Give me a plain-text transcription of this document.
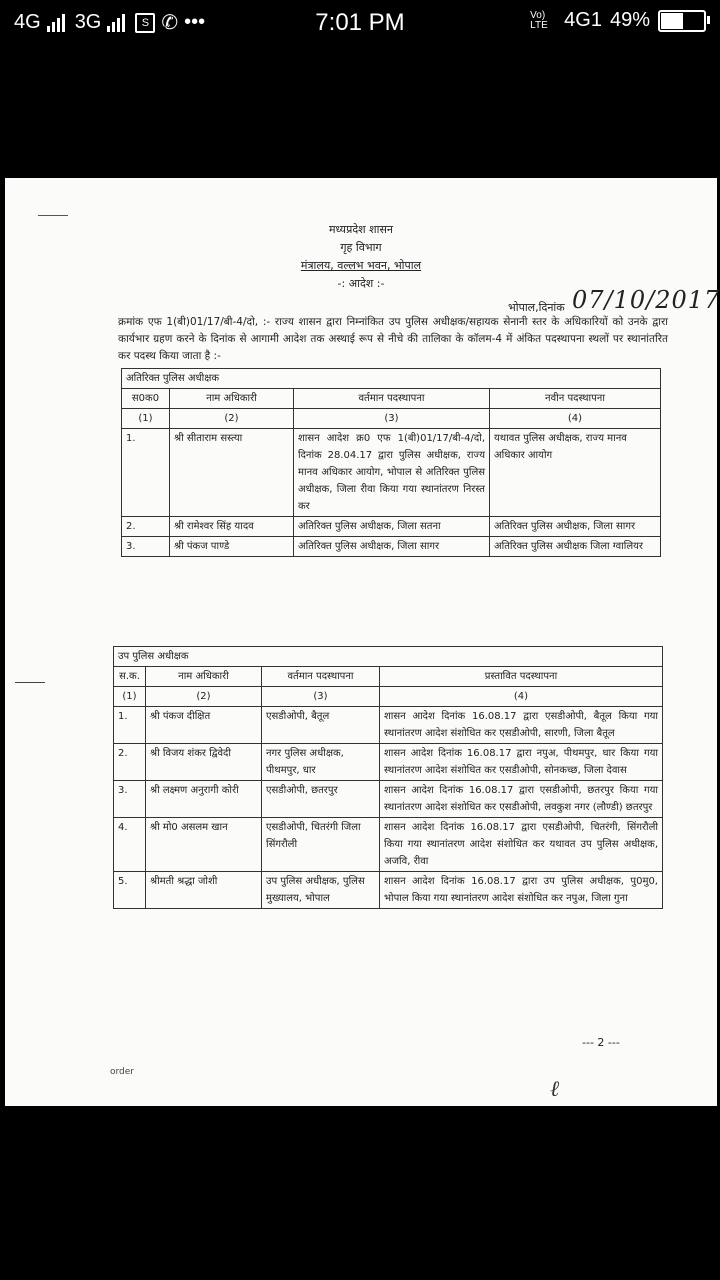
4G 3G	S ✆ •••	7:01 PM	Vo) LTE 4G1 49%
मध्यप्रदेश शासन
गृह विभाग
मंत्रालय, वल्लभ भवन, भोपाल
-: आदेश :-
भोपाल,दिनांक 07/10/2017
क्रमांक एफ 1(बी)01/17/बी-4/दो, :- राज्य शासन द्वारा निम्नांकित उप पुलिस अधीक्षक/सहायक सेनानी स्तर के अधिकारियों को उनके द्वारा कार्यभार ग्रहण करने के दिनांक से आगामी आदेश तक अस्थाई रूप से नीचे की तालिका के कॉलम-4 में अंकित पदस्थापना स्थलों पर स्थानांतरित कर पदस्थ किया जाता है :-
अतिरिक्त पुलिस अधीक्षक			
स0क0	नाम अधिकारी	वर्तमान पदस्थापना	नवीन पदस्थापना
(1)	(2)	(3)	(4)
1.	श्री सीताराम सस्त्या	शासन आदेश क्र0 एफ 1(बी)01/17/बी-4/दो, दिनांक 28.04.17 द्वारा पुलिस अधीक्षक, राज्य मानव अधिकार आयोग, भोपाल से अतिरिक्त पुलिस अधीक्षक, जिला रीवा किया गया स्थानांतरण निरस्त कर	यथावत पुलिस अधीक्षक, राज्य मानव अधिकार आयोग
2.	श्री रामेश्वर सिंह यादव	अतिरिक्त पुलिस अधीक्षक, जिला सतना	अतिरिक्त पुलिस अधीक्षक, जिला सागर
3.	श्री पंकज पाण्डे	अतिरिक्त पुलिस अधीक्षक, जिला सागर	अतिरिक्त पुलिस अधीक्षक जिला ग्वालियर
उप पुलिस अधीक्षक			
स.क.	नाम अधिकारी	वर्तमान पदस्थापना	प्रस्तावित पदस्थापना
(1)	(2)	(3)	(4)
1.	श्री पंकज दीक्षित	एसडीओपी, बैतूल	शासन आदेश दिनांक 16.08.17 द्वारा एसडीओपी, बैतूल किया गया स्थानांतरण आदेश संशोधित कर एसडीओपी, सारणी, जिला बैतूल
2.	श्री विजय शंकर द्विवेदी	नगर पुलिस अधीक्षक, पीथमपुर, धार	शासन आदेश दिनांक 16.08.17 द्वारा नपुअ, पीथमपुर, धार किया गया स्थानांतरण आदेश संशोधित कर एसडीओपी, सोनकच्छ, जिला देवास
3.	श्री लक्ष्मण अनुरागी कोरी	एसडीओपी, छतरपुर	शासन आदेश दिनांक 16.08.17 द्वारा एसडीओपी, छतरपुर किया गया स्थानांतरण आदेश संशोधित कर एसडीओपी, लवकुश नगर (लौण्डी) छतरपुर
4.	श्री मो0 असलम खान	एसडीओपी, चितरंगी जिला सिंगरौली	शासन आदेश दिनांक 16.08.17 द्वारा एसडीओपी, चितरंगी, सिंगरौली किया गया स्थानांतरण आदेश संशोधित कर यथावत उप पुलिस अधीक्षक, अजवि, रीवा
5.	श्रीमती श्रद्धा जोशी	उप पुलिस अधीक्षक, पुलिस मुख्यालय, भोपाल	शासन आदेश दिनांक 16.08.17 द्वारा उप पुलिस अधीक्षक, पु0मु0, भोपाल किया गया स्थानांतरण आदेश संशोधित कर नपुअ, जिला गुना
--- 2 ---
order
ℓ
